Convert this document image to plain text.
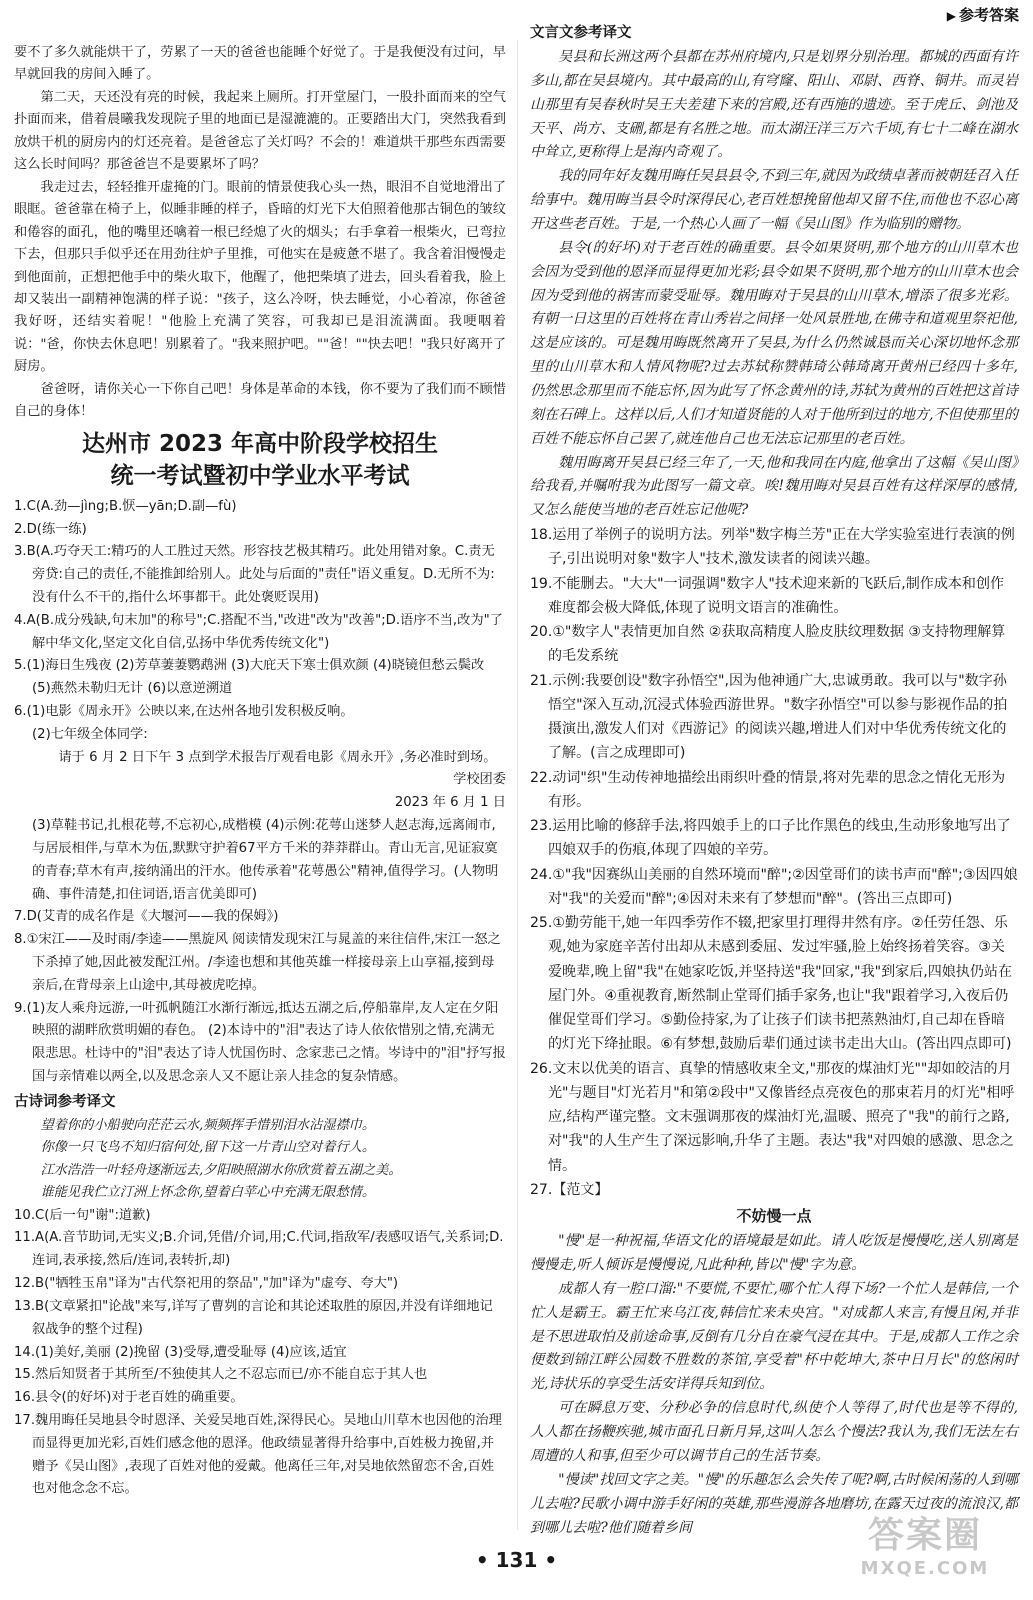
▶ 参考答案

要不了多久就能烘干了，劳累了一天的爸爸也能睡个好觉了。于是我便没有过问，早早就回我的房间入睡了。

第二天，天还没有亮的时候，我起来上厕所。打开堂屋门，一股扑面而来的空气扑面而来，借着晨曦我发现院子里的地面已是湿漉漉的。正要踏出大门，突然我看到放烘干机的厨房内的灯还亮着。是爸爸忘了关灯吗？不会的！难道烘干那些东西需要这么长时间吗？那爸爸岂不是要累坏了吗？

我走过去，轻轻推开虚掩的门。眼前的情景使我心头一热，眼泪不自觉地滑出了眼眶。爸爸靠在椅子上，似睡非睡的样子，昏暗的灯光下大伯照着他那古铜色的皱纹和倦容的面孔，他的嘴里还噙着一根已经熄了火的烟头；右手拿着一根柴火，已弯拉下去，但那只手似乎还在用劲往炉子里推，可他实在是疲惫不堪了。我含着泪慢慢走到他面前，正想把他手中的柴火取下，他醒了，他把柴填了进去，回头看着我，脸上却又装出一副精神饱满的样子说："孩子，这么冷呀，快去睡觉，小心着凉，你爸爸我好呀，还结实着呢！"他脸上充满了笑容，可我却已是泪流满面。我哽咽着说："爸，你快去休息吧！别累着了。"我来照护吧。""爸！""快去吧！"我只好离开了厨房。

爸爸呀，请你关心一下你自己吧！身体是革命的本钱，你不要为了我们而不顾惜自己的身体！

达州市 2023 年高中阶段学校招生
统一考试暨初中学业水平考试

1.C(A.劲—jìng;B.恹—yān;D.副—fù)

2.D(练一练)

3.B(A.巧夺天工:精巧的人工胜过天然。形容技艺极其精巧。此处用错对象。C.责无旁贷:自己的责任,不能推卸给别人。此处与后面的"责任"语义重复。D.无所不为:没有什么不干的,指什么坏事都干。此处褒贬误用)

4.A(B.成分残缺,句末加"的称号";C.搭配不当,"改进"改为"改善";D.语序不当,改为"了解中华文化,坚定文化自信,弘扬中华优秀传统文化")

5.(1)海日生残夜 (2)芳草萋萋鹦鹉洲 (3)大庇天下寒士俱欢颜 (4)晓镜但愁云鬓改 (5)燕然未勒归无计 (6)以意逆溯道

6.(1)电影《周永开》公映以来,在达州各地引发积极反响。

(2)七年级全体同学:

请于 6 月 2 日下午 3 点到学术报告厅观看电影《周永开》,务必准时到场。

学校团委

2023 年 6 月 1 日

(3)草鞋书记,扎根花萼,不忘初心,成楷模 (4)示例:花萼山迷梦人赵志海,远离闹市,与居辰相伴,与草木为伍,默默守护着67平方千米的莽莽群山。青山无言,见证寂寞的青春;草木有声,接纳涌出的汗水。他传承着"花萼愚公"精神,值得学习。(人物明确、事件清楚,扣住词语,语言优美即可)

7.D(艾青的成名作是《大堰河——我的保姆》)

8.①宋江——及时雨/李逵——黑旋风 阅读情发现宋江与晁盖的来往信件,宋江一怒之下杀掉了她,因此被发配江州。/李逵也想和其他英雄一样接母亲上山享福,接到母亲后,在背母亲上山途中,其母被虎吃掉。

9.(1)友人乘舟远游,一叶孤帆随江水渐行渐远,抵达五湖之后,停船靠岸,友人定在夕阳映照的湖畔欣赏明媚的春色。 (2)本诗中的"泪"表达了诗人依依惜别之情,充满无限悲思。杜诗中的"泪"表达了诗人忧国伤时、念家悲己之情。岑诗中的"泪"抒写报国与亲情难以两全,以及思念亲人又不愿让亲人挂念的复杂情感。

古诗词参考译文

望着你的小船驶向茫茫云水,频频挥手惜别泪水沾湿襟巾。

你像一只飞鸟不知归宿何处,留下这一片青山空对着行人。

江水浩浩一叶轻舟逐渐远去,夕阳映照湖水你欣赏着五湖之美。

谁能见我伫立汀洲上怀念你,望着白苹心中充满无限愁情。

10.C(后一句"谢":道歉)

11.A(A.音节助词,无实义;B.介词,凭借/介词,用;C.代词,指敌军/表感叹语气,关系词;D.连词,表承接,然后/连词,表转折,却)

12.B("牺牲玉帛"译为"古代祭祀用的祭品","加"译为"虚夸、夸大")

13.B(文章紧扣"论战"来写,详写了曹刿的言论和其论述取胜的原因,并没有详细地记叙战争的整个过程)

14.(1)美好,美丽 (2)挽留 (3)受辱,遭受耻辱 (4)应该,适宜

15.然后知贤者于其所至/不独使其人之不忍忘而已/亦不能自忘于其人也

16.县令(的好坏)对于老百姓的确重要。

17.魏用晦任吴地县令时恩泽、关爱吴地百姓,深得民心。吴地山川草木也因他的治理而显得更加光彩,百姓们感念他的恩泽。他政绩显著得升给事中,百姓极力挽留,并赠予《吴山图》,表现了百姓对他的爱戴。他离任三年,对吴地依然留恋不舍,百姓也对他念念不忘。

文言文参考译文

吴县和长洲这两个县都在苏州府境内,只是划界分别治理。都城的西面有许多山,都在吴县境内。其中最高的山,有穹窿、阳山、邓尉、西脊、铜井。而灵岩山那里有吴春秋时吴王夫差建下来的宫殿,还有西施的遗迹。至于虎丘、剑池及天平、尚方、支硎,都是有名胜之地。而太湖汪洋三万六千顷,有七十二峰在湖水中耸立,更称得上是海内奇观了。

我的同年好友魏用晦任吴县县令,不到三年,就因为政绩卓著而被朝廷召入任给事中。魏用晦当县令时深得民心,老百姓想挽留他却又留不住,而他也不忍心离开这些老百姓。于是,一个热心人画了一幅《吴山图》作为临别的赠物。

县令(的好坏)对于老百姓的确重要。县令如果贤明,那个地方的山川草木也会因为受到他的恩泽而显得更加光彩;县令如果不贤明,那个地方的山川草木也会因为受到他的祸害而蒙受耻辱。魏用晦对于吴县的山川草木,增添了很多光彩。有朝一日这里的百姓将在青山秀岩之间择一处风景胜地,在佛寺和道观里祭祀他,这是应该的。可是魏用晦既然离开了吴县,为什么仍然诚恳而关心深切地怀念那里的山川草木和人情风物呢?过去苏轼称赞韩琦公韩琦离开黄州已经四十多年,仍然思念那里而不能忘怀,因为此写了怀念黄州的诗,苏轼为黄州的百姓把这首诗刻在石碑上。这样以后,人们才知道贤能的人对于他所到过的地方,不但使那里的百姓不能忘怀自己罢了,就连他自己也无法忘记那里的老百姓。

魏用晦离开吴县已经三年了,一天,他和我同在内庭,他拿出了这幅《吴山图》给我看,并嘱咐我为此图写一篇文章。唉!魏用晦对吴县百姓有这样深厚的感情,又怎么能使当地的老百姓忘记他呢?

18.运用了举例子的说明方法。列举"数字梅兰芳"正在大学实验室进行表演的例子,引出说明对象"数字人"技术,激发读者的阅读兴趣。

19.不能删去。"大大"一词强调"数字人"技术迎来新的飞跃后,制作成本和创作难度都会极大降低,体现了说明文语言的准确性。

20.①"数字人"表情更加自然 ②获取高精度人脸皮肤纹理数据 ③支持物理解算的毛发系统

21.示例:我要创设"数字孙悟空",因为他神通广大,忠诚勇敢。我可以与"数字孙悟空"深入互动,沉浸式体验西游世界。"数字孙悟空"可以参与影视作品的拍摄演出,激发人们对《西游记》的阅读兴趣,增进人们对中华优秀传统文化的了解。(言之成理即可)

22.动词"织"生动传神地描绘出雨织叶叠的情景,将对先辈的思念之情化无形为有形。

23.运用比喻的修辞手法,将四娘手上的口子比作黑色的线虫,生动形象地写出了四娘双手的伤痕,体现了四娘的辛劳。

24.①"我"因赛纵山美丽的自然环境而"醉";②因堂哥们的读书声而"醉";③因四娘对"我"的关爱而"醉";④因对未来有了梦想而"醉"。(答出三点即可)

25.①勤劳能干,她一年四季劳作不辍,把家里打理得井然有序。②任劳任怨、乐观,她为家庭辛苦付出却从未感到委屈、发过牢骚,脸上始终扬着笑容。③关爱晚辈,晚上留"我"在她家吃饭,并坚持送"我"回家,"我"到家后,四娘执仍站在屋门外。④重视教育,断然制止堂哥们插手家务,也让"我"跟着学习,入夜后仍催促堂哥们学习。⑤勤俭持家,为了让孩子们读书把蒸熟油灯,自己却在昏暗的灯光下绛扯眼。⑥有梦想,鼓励后辈们通过读书走出大山。(答出四点即可)

26.文末以优美的语言、真挚的情感收束全文,"那夜的煤油灯光""却如皎洁的月光"与题目"灯光若月"和第②段中"又像皆经点亮夜色的那束若月的灯光"相呼应,结构严谨完整。文末强调那夜的煤油灯光,温暖、照亮了"我"的前行之路,对"我"的人生产生了深远影响,升华了主题。表达"我"对四娘的感激、思念之情。

27.【范文】

不妨慢一点

"慢"是一种祝福,华语文化的语境最是如此。请人吃饭是慢慢吃,送人别离是慢慢走,听人倾诉是慢慢说,凡此种种,皆以"慢"字为意。

成都人有一腔口溜:"不要慌,不要忙,哪个忙人得下场?一个忙人是韩信,一个忙人是霸王。霸王忙来乌江夜,韩信忙来未央宫。"对成都人来言,有慢且闲,并非是不思进取怕及前途命事,反倒有几分自在豪气浸在其中。于是,成都人工作之余便数到锦江畔公园数不胜数的茶馆,享受着"杯中乾坤大,茶中日月长"的悠闲时光,诗状乐的享受生活安详得兵知到位。

可在瞬息万变、分秒必争的信息时代,纵使个人等得了,时代也是等不得的,人人都在扬鞭疾驰,城市面孔日新月异,这叫人怎么个慢法?我认为,我们无法左右周遭的人和事,但至少可以调节自己的生活节奏。

"慢读"找回文字之美。"慢"的乐趣怎么会失传了呢?啊,古时候闲荡的人到哪儿去啦?民歌小调中游手好闲的英雄,那些漫游各地磨坊,在露天过夜的流浪汉,都到哪儿去啦?他们随着乡间

• 131 •
答案圈
MXQE.COM
